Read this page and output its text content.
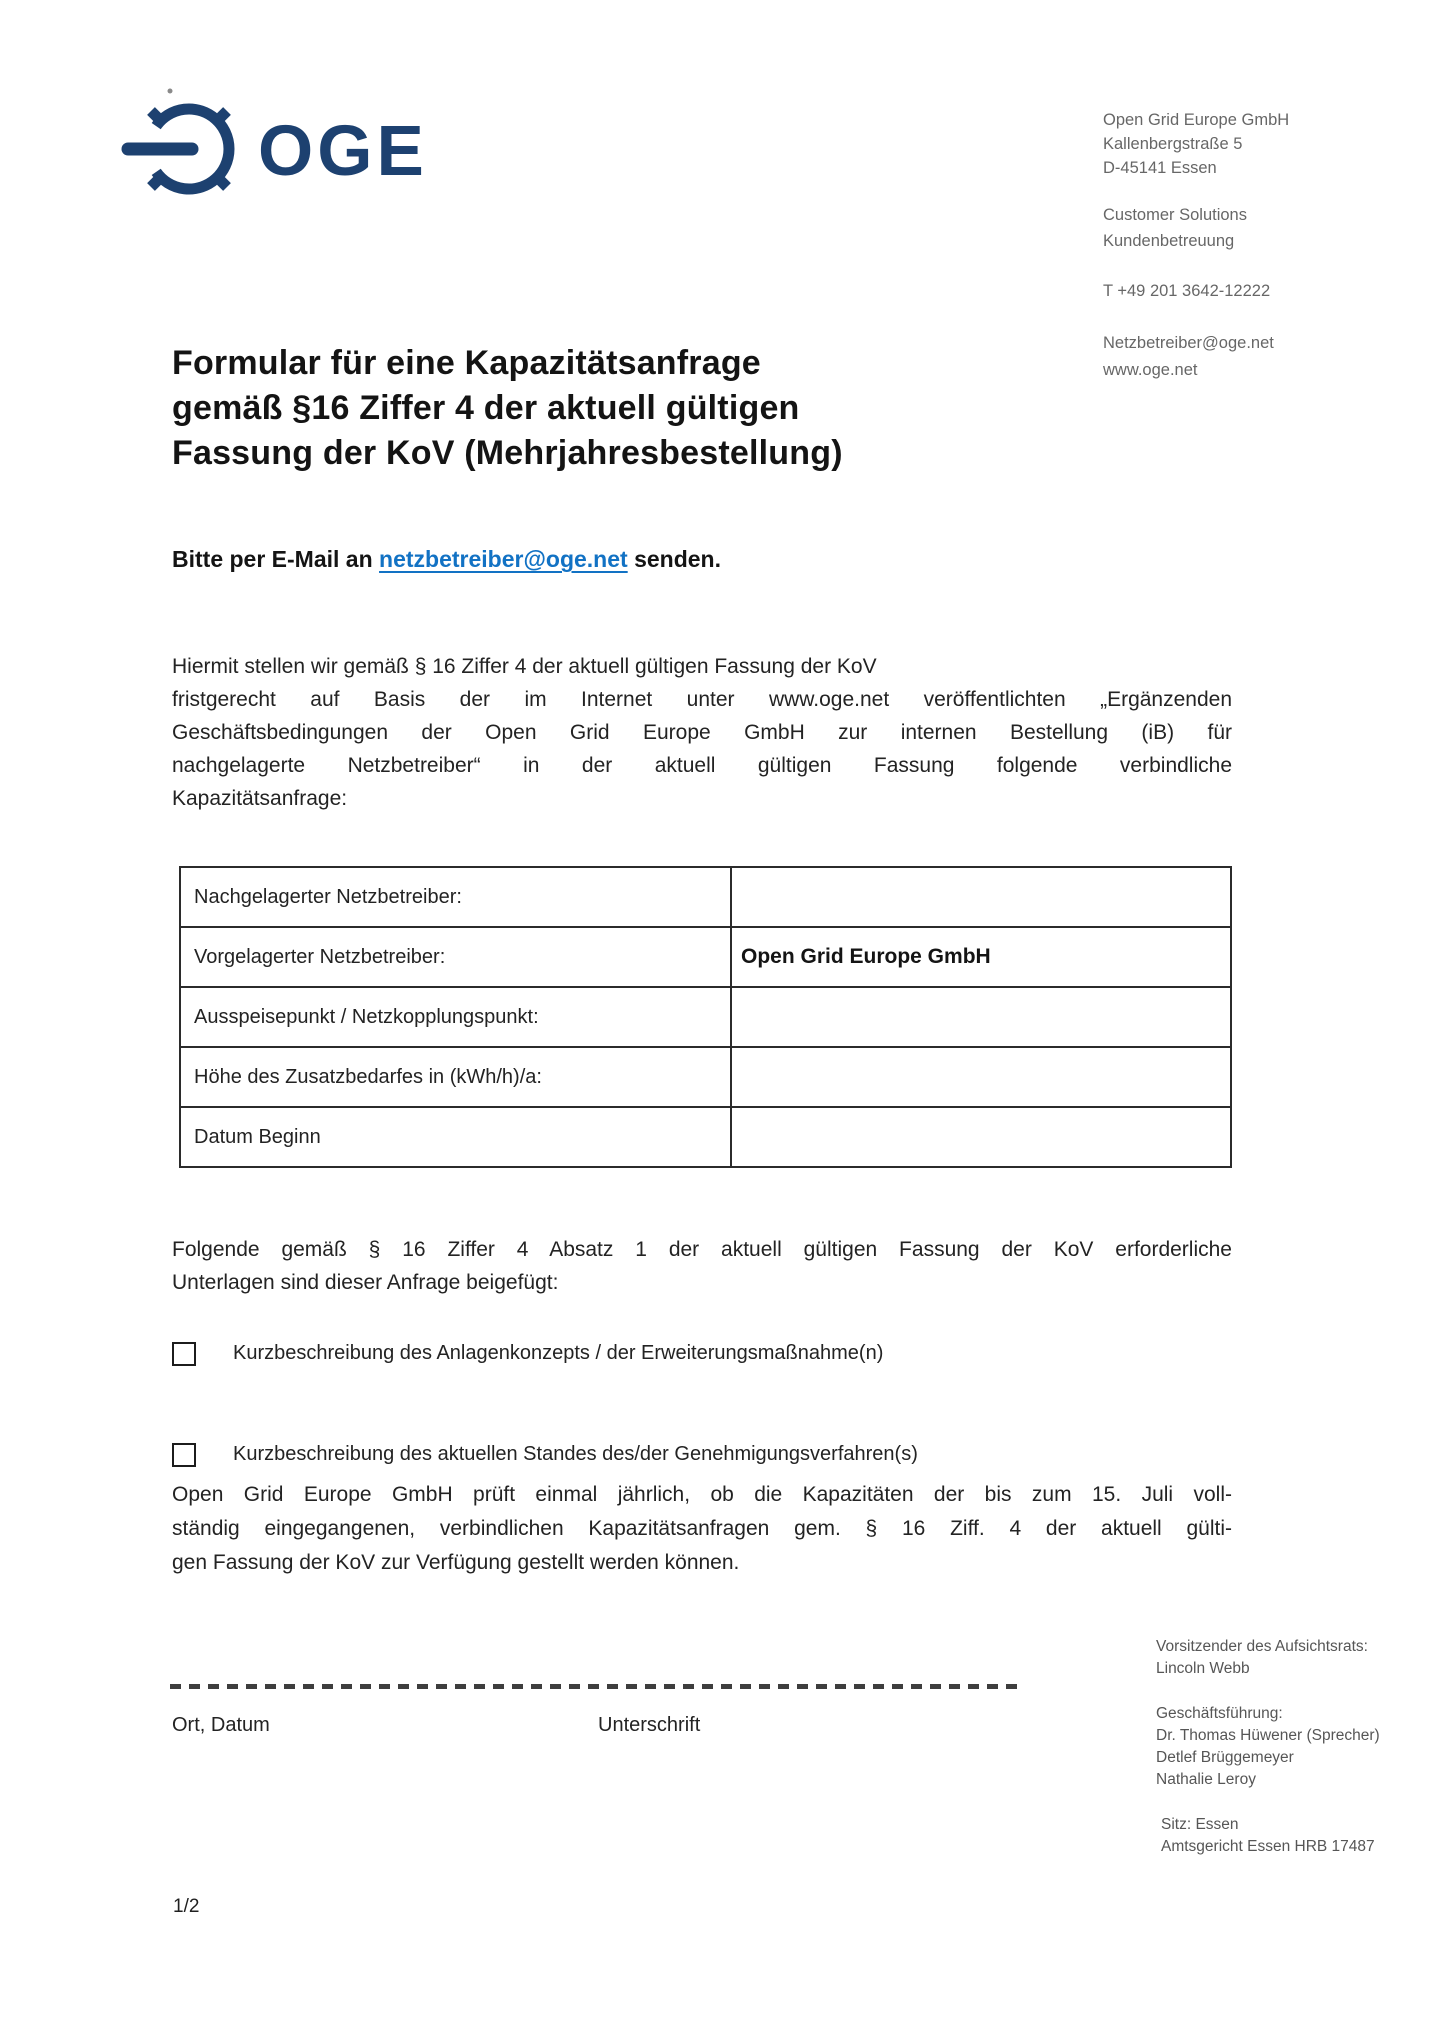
OGE	Open Grid Europe GmbH
Kallenbergstraße 5
D-45141 Essen
Customer Solutions
Kundenbetreuung
T +49 201 3642-12222
Netzbetreiber@oge.net
www.oge.net
Formular für eine Kapazitätsanfrage
gemäß §16 Ziffer 4 der aktuell gültigen
Fassung der KoV (Mehrjahresbestellung)
Bitte per E-Mail an netzbetreiber@oge.net senden.
Hiermit stellen wir gemäß § 16 Ziffer 4 der aktuell gültigen Fassung der KoV
fristgerecht auf Basis der im Internet unter www.oge.net veröffentlichten „Ergänzenden
Geschäftsbedingungen der Open Grid Europe GmbH zur internen Bestellung (iB) für
nachgelagerte Netzbetreiber“ in der aktuell gültigen Fassung folgende verbindliche
Kapazitätsanfrage:
Nachgelagerter Netzbetreiber:	
Vorgelagerter Netzbetreiber:	Open Grid Europe GmbH
Ausspeisepunkt / Netzkopplungspunkt:	
Höhe des Zusatzbedarfes in (kWh/h)/a:	
Datum Beginn	
Folgende gemäß § 16 Ziffer 4 Absatz 1 der aktuell gültigen Fassung der KoV erforderliche
Unterlagen sind dieser Anfrage beigefügt:
Kurzbeschreibung des Anlagenkonzepts / der Erweiterungsmaßnahme(n)
Kurzbeschreibung des aktuellen Standes des/der Genehmigungsverfahren(s)
Open Grid Europe GmbH prüft einmal jährlich, ob die Kapazitäten der bis zum 15. Juli voll-
ständig eingegangenen, verbindlichen Kapazitätsanfragen gem. § 16 Ziff. 4 der aktuell gülti-
gen Fassung der KoV zur Verfügung gestellt werden können.
Ort, Datum	Unterschrift
Vorsitzender des Aufsichtsrats:
Lincoln Webb
Geschäftsführung:
Dr. Thomas Hüwener (Sprecher)
Detlef Brüggemeyer
Nathalie Leroy
Sitz: Essen
Amtsgericht Essen HRB 17487
1/2
